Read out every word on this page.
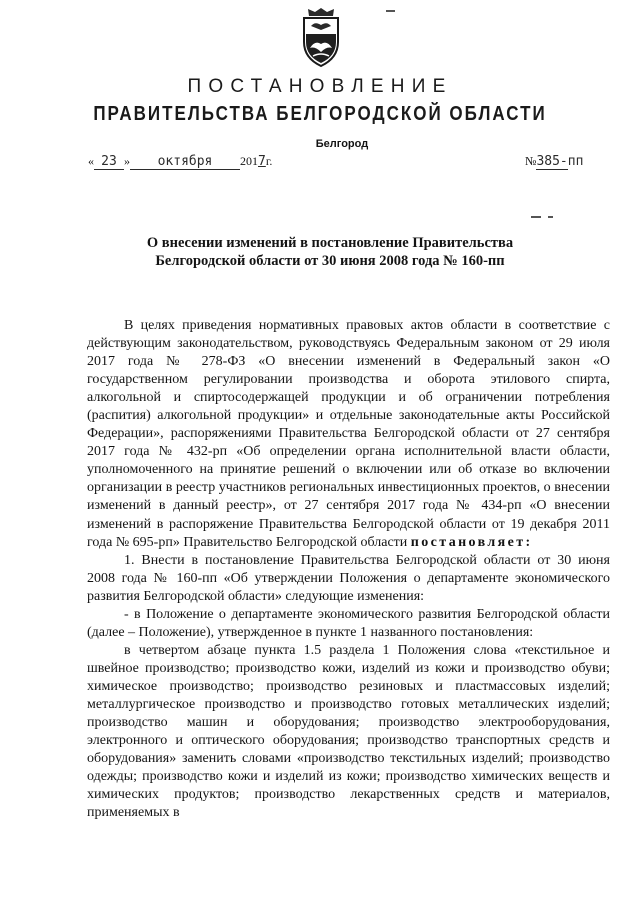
ПОСТАНОВЛЕНИЕ
ПРАВИТЕЛЬСТВА БЕЛГОРОДСКОЙ ОБЛАСТИ
Белгород
« 23 » октября 2017г.	№385-пп
О внесении изменений в постановление Правительства
Белгородской области от 30 июня 2008 года № 160-пп

В целях приведения нормативных правовых актов области в соответствие с действующим законодательством, руководствуясь Федеральным законом от 29 июля 2017 года № 278-ФЗ «О внесении изменений в Федеральный закон «О государственном регулировании производства и оборота этилового спирта, алкогольной и спиртосодержащей продукции и об ограничении потребления (распития) алкогольной продукции» и отдельные законодательные акты Российской Федерации», распоряжениями Правительства Белгородской области от 27 сентября 2017 года № 432-рп «Об определении органа исполнительной власти области, уполномоченного на принятие решений о включении или об отказе во включении организации в реестр участников региональных инвестиционных проектов, о внесении изменений в данный реестр», от 27 сентября 2017 года № 434-рп «О внесении изменений в распоряжение Правительства Белгородской области от 19 декабря 2011 года № 695-рп» Правительство Белгородской области постановляет:

1. Внести в постановление Правительства Белгородской области от 30 июня 2008 года № 160-пп «Об утверждении Положения о департаменте экономического развития Белгородской области» следующие изменения:

- в Положение о департаменте экономического развития Белгородской области (далее – Положение), утвержденное в пункте 1 названного постановления:

в четвертом абзаце пункта 1.5 раздела 1 Положения слова «текстильное и швейное производство; производство кожи, изделий из кожи и производство обуви; химическое производство; производство резиновых и пластмассовых изделий; металлургическое производство и производство готовых металлических изделий; производство машин и оборудования; производство электрооборудования, электронного и оптического оборудования; производство транспортных средств и оборудования» заменить словами «производство текстильных изделий; производство одежды; производство кожи и изделий из кожи; производство химических веществ и химических продуктов; производство лекарственных средств и материалов, применяемых в
